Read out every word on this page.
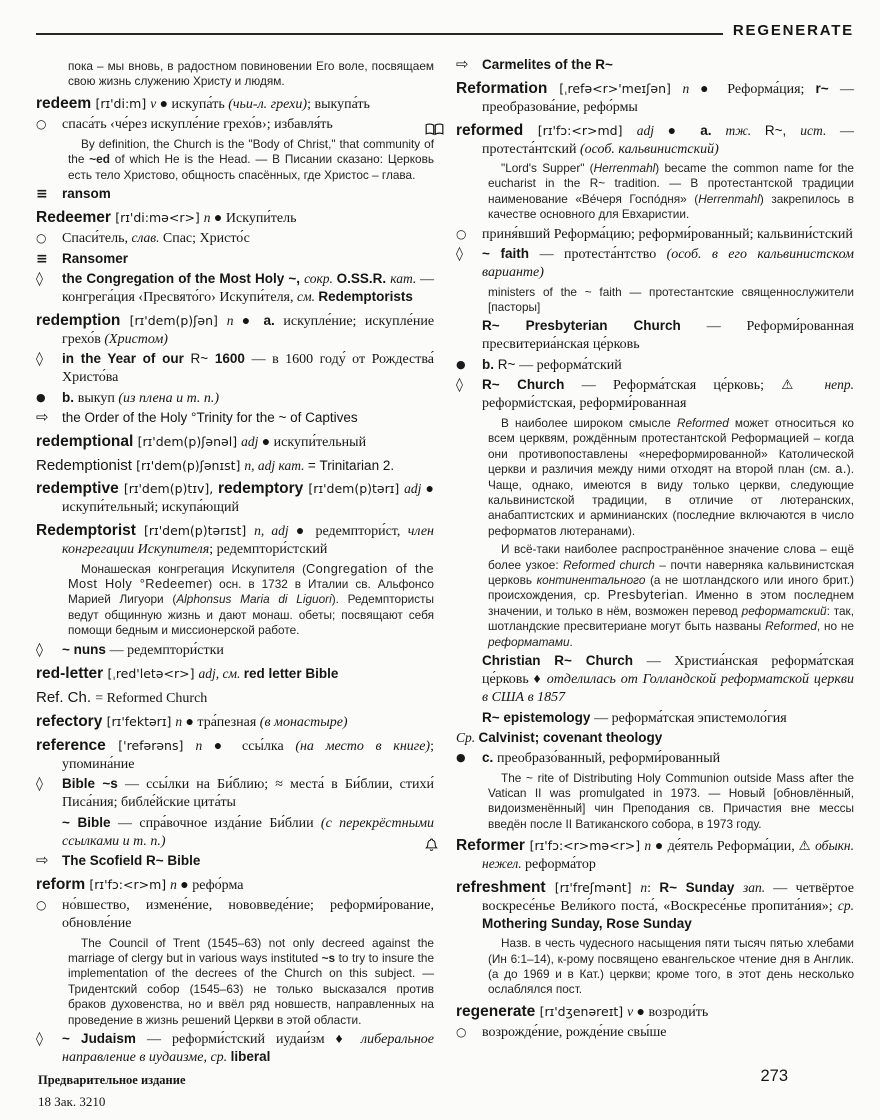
REGENERATE
пока – мы вновь, в радостном повиновении Его воле, посвящаем свою жизнь служению Христу и людям.
redeem [rɪ'di:m] v ● искупа́ть (чьи-л. грехи); выкупа́ть
○ спаса́ть ‹че́рез искупле́ние грехо́в›; избавля́ть
By definition, the Church is the "Body of Christ," that community of the ~ed of which He is the Head. — В Писании сказано: Церковь есть тело Христово, общность спасённых, где Христос – глава.
≡ ransom
Redeemer [rɪ'di:mə<r>] n ● Искупи́тель
○ Спаси́тель, слав. Спас; Христо́с
≡ Ransomer
◊ the Congregation of the Most Holy ~, сокр. O.SS.R. кат. — конгрега́ция ‹Пресвято́го› Искупи́теля, см. Redemptorists
redemption [rɪ'dem(p)ʃən] n ● a. искупле́ние; искупле́ние грехо́в (Христом)
◊ in the Year of our R~ 1600 — в 1600 году́ от Рождества́ Христо́ва
● b. выкуп (из плена и т. п.)
⇨ the Order of the Holy °Trinity for the ~ of Captives
redemptional [rɪ'dem(p)ʃənəl] adj ● искупи́тельный
Redemptionist [rɪ'dem(p)ʃənɪst] n, adj кат. = Trinitarian 2.
redemptive [rɪ'dem(p)tɪv], redemptory [rɪ'dem(p)tərɪ] adj ● искупи́тельный; искупа́ющий
Redemptorist [rɪ'dem(p)tərɪst] n, adj ● редемптори́ст, член конгрегации Искупителя; редемптори́стский
Монашеская конгрегация Искупителя (Congregation of the Most Holy °Redeemer) осн. в 1732 в Италии св. Альфонсо Марией Лигуори (Alphonsus Maria di Liguori). Редемптористы ведут общинную жизнь и дают монаш. обеты; посвящают себя помощи бедным и миссионерской работе.
◊ ~ nuns — редемптори́стки
red-letter [ˌred'letə<r>] adj, см. red letter Bible
Ref. Ch. = Reformed Church
refectory [rɪ'fektərɪ] n ● тра́пезная (в монастыре)
reference ['refərəns] n ● ссы́лка (на место в книге); упомина́ние
◊ Bible ~s — ссы́лки на Би́блию; ≈ места́ в Би́блии, стихи́ Писа́ния; библе́йские цита́ты
~ Bible — спра́вочное изда́ние Би́блии (с перекрёстными ссылками и т. п.)
⇨ The Scofield R~ Bible
reform [rɪ'fɔ:<r>m] n ● рефо́рма
○ но́вшество, измене́ние, нововведе́ние; реформи́рование, обновле́ние
The Council of Trent (1545–63) not only decreed against the marriage of clergy but in various ways instituted ~s to try to insure the implementation of the decrees of the Church on this subject. — Тридентский собор (1545–63) не только высказался против браков духовенства, но и ввёл ряд новшеств, направленных на проведение в жизнь решений Церкви в этой области.
◊ ~ Judaism — реформи́стский иудаи́зм ♦ либеральное направление в иудаизме, ср. liberal
⇨ Carmelites of the R~
Reformation [ˌrefə<r>'meɪʃən] n ● Реформа́ция; r~ — преобразова́ние, рефо́рмы
reformed [rɪ'fɔ:<r>md] adj ● a. тж. R~, ист. — протеста́нтский (особ. кальвинистский)
"Lord's Supper" (Herrenmahl) became the common name for the eucharist in the R~ tradition. — В протестантской традиции наименование «Ве́черя Госпо́дня» (Herrenmahl) закрепилось в качестве основного для Евхаристии.
○ приня́вший Реформа́цию; реформи́рованный; кальвини́стский
◊ ~ faith — протеста́нтство (особ. в его кальвинистском варианте)
ministers of the ~ faith — протестантские священнослужители [пасторы]
R~ Presbyterian Church — Реформи́рованная пресвитериа́нская це́рковь
● b. R~ — реформа́тский
◊ R~ Church — Реформа́тская це́рковь; ⚠ непр. реформи́стская, реформи́рованная
В наиболее широком смысле Reformed может относиться ко всем церквям, рождённым протестантской Реформацией – когда они противопоставлены «нереформированной» Католической церкви и различия между ними отходят на второй план (см. a.). Чаще, однако, имеются в виду только церкви, следующие кальвинистской традиции, в отличие от лютеранских, анабаптистских и арминианских (последние включаются в число реформатов лютеранами).
И всё-таки наиболее распространённое значение слова – ещё более узкое: Reformed church – почти наверняка кальвинистская церковь континентального (а не шотландского или иного брит.) происхождения, ср. Presbyterian. Именно в этом последнем значении, и только в нём, возможен перевод реформатский: так, шотландские пресвитериане могут быть названы Reformed, но не реформатами.
Christian R~ Church — Христиа́нская реформа́тская це́рковь ♦ отделилась от Голландской реформатской церкви в США в 1857
R~ epistemology — реформа́тская эпистемоло́гия
Ср. Calvinist; covenant theology
● c. преобразо́ванный, реформи́рованный
The ~ rite of Distributing Holy Communion outside Mass after the Vatican II was promulgated in 1973. — Новый [обновлённый, видоизменённый] чин Преподания св. Причастия вне мессы введён после II Ватиканского собора, в 1973 году.
Reformer [rɪ'fɔ:<r>mə<r>] n ● де́ятель Реформа́ции, ⚠ обыкн. нежел. реформа́тор
refreshment [rɪ'freʃmənt] n: R~ Sunday зап. — четвёртое воскресе́нье Вели́кого поста́, «Воскресе́нье пропита́ния»; ср. Mothering Sunday, Rose Sunday
Назв. в честь чудесного насыщения пяти тысяч пятью хлебами (Ин 6:1–14), к-рому посвящено евангельское чтение дня в Англик. (а до 1969 и в Кат.) церкви; кроме того, в этот день несколько ослаблялся пост.
regenerate [rɪ'dʒenəreɪt] v ● возроди́ть
○ возрожде́ние, рожде́ние свы́ше
Предварительное издание
18 Зак. 3210
273
